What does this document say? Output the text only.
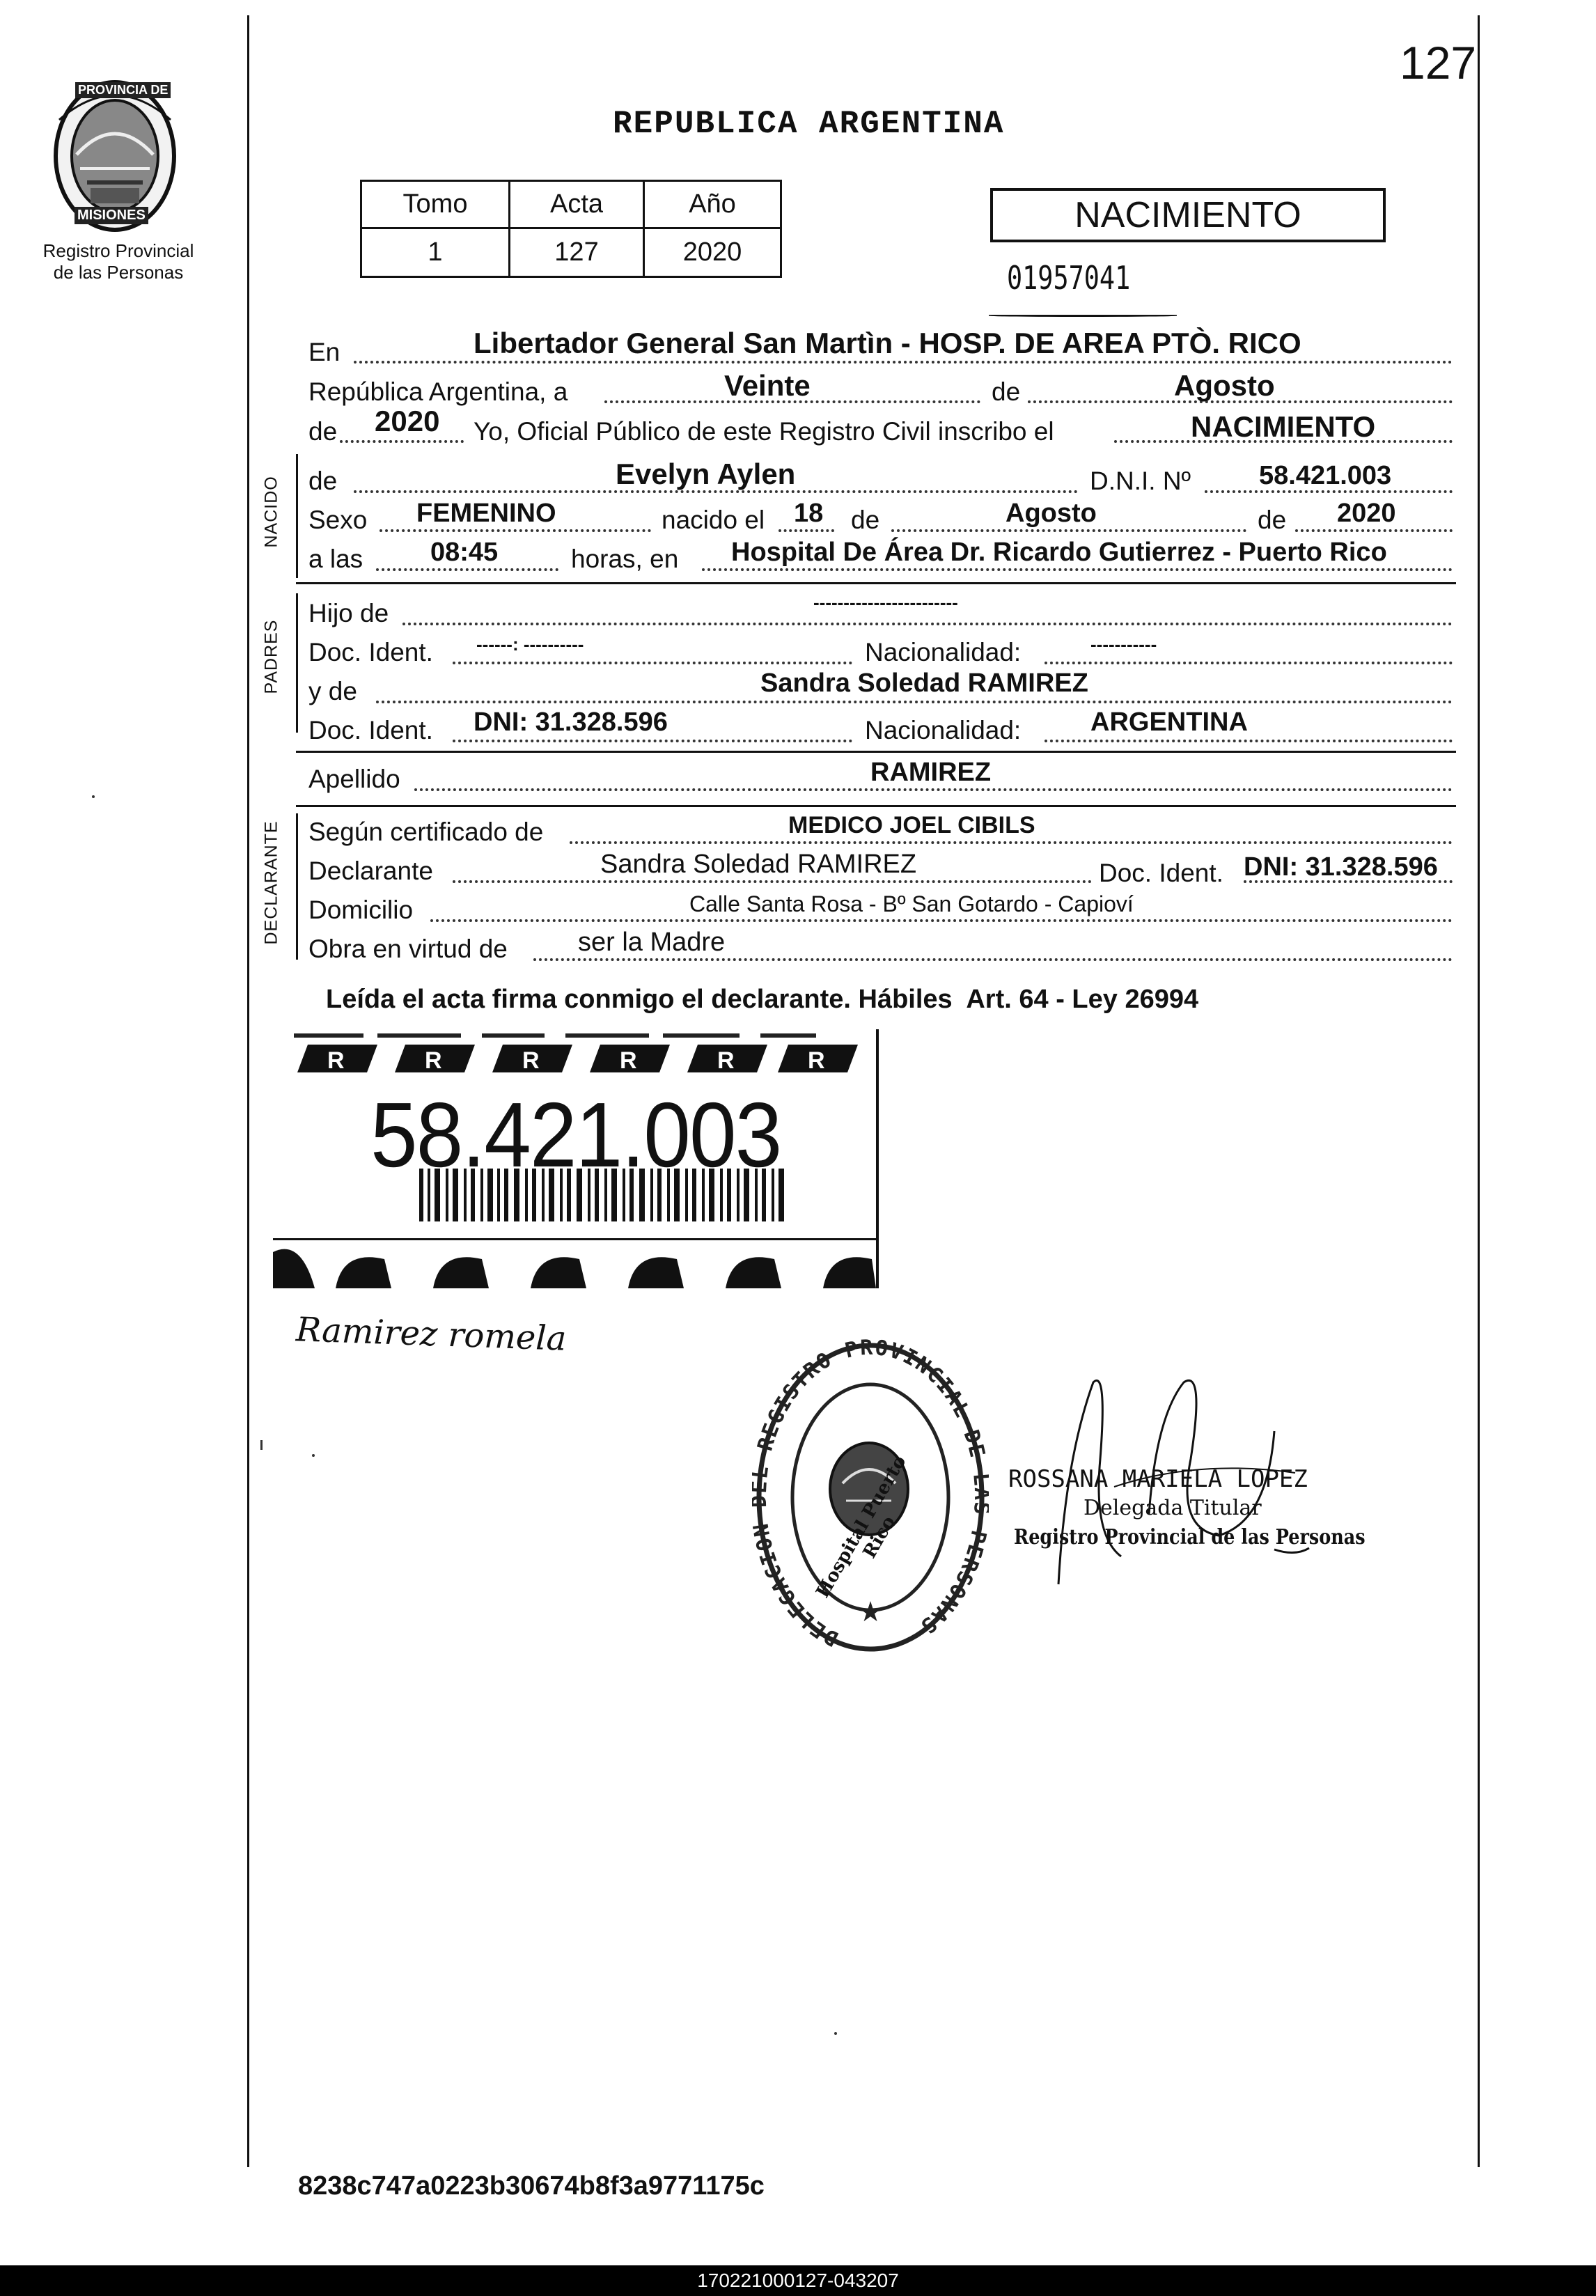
127
PROVINCIA DE
MISIONES
Registro Provincial
de las Personas
REPUBLICA ARGENTINA
Tomo	Acta	Año
1	127	2020
NACIMIENTO
01957041
En	Libertador General San Martìn - HOSP. DE AREA PTÒ. RICO
República Argentina, a	Veinte	de	Agosto
de 2020 Yo, Oficial Público de este Registro Civil inscribo el	NACIMIENTO
NACIDO de	Evelyn Aylen	D.N.I. Nº	58.421.003
Sexo FEMENINO	nacido el 18 de	Agosto	de 2020
a las	08:45	horas, en Hospital De Área Dr. Ricardo Gutierrez - Puerto Rico
PADRES
Hijo de	------------------------
Doc. Ident. ------: ----------	Nacionalidad:	-----------
y de	Sandra Soledad RAMIREZ
Doc. Ident. DNI: 31.328.596	Nacionalidad:	ARGENTINA
Apellido	RAMIREZ
DECLARANTE Según certificado de	MEDICO JOEL CIBILS
Declarante	Sandra Soledad RAMIREZ	Doc. Ident. DNI: 31.328.596
Domicilio	Calle Santa Rosa - Bº San Gotardo - Capioví
Obra en virtud de	ser la Madre
Leída el acta firma conmigo el declarante. Hábiles  Art. 64 - Ley 26994
R	R	R	R	R	R
58.421.003
Ramirez romela
DELEGACIO REGISTRO PROVINCIAL DE PERSONAS
★
Hospital Puerto Rico
ROSSANA MARIELA LOPEZ
Delegada Titular
Registro Provincial de las Personas
8238c747a0223b30674b8f3a9771175c
170221000127-043207
